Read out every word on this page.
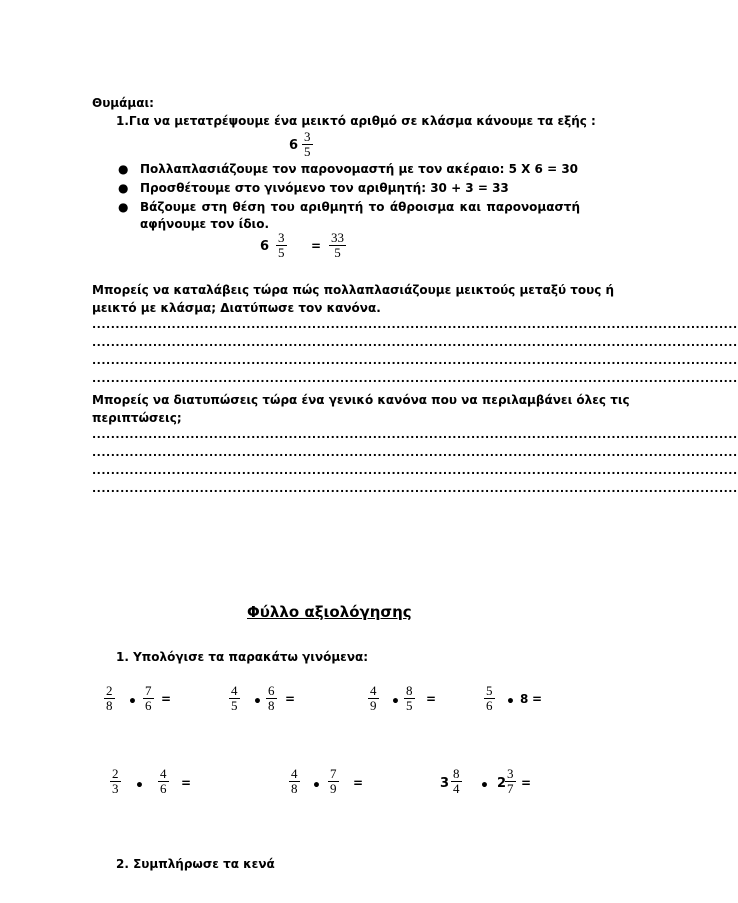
Θυμάμαι:
1.Για να μετατρέψουμε ένα μεικτό αριθμό σε κλάσμα κάνουμε τα εξής :
6
3
5
● Πολλαπλασιάζουμε τον παρονομαστή με τον ακέραιο: 5 Χ 6 = 30
● Προσθέτουμε στο γινόμενο τον αριθμητή: 30 + 3 = 33
● Βάζουμε στη θέση του αριθμητή το άθροισμα και παρονομαστή
αφήνουμε τον ίδιο.
6
3
5 =
33
5
Μπορείς να καταλάβεις τώρα πώς πολλαπλασιάζουμε μεικτούς μεταξύ τους ή
μεικτό με κλάσμα; Διατύπωσε τον κανόνα.
..........................................................................................................................................
..........................................................................................................................................
..........................................................................................................................................
..........................................................................................................................................
Μπορείς να διατυπώσεις τώρα ένα γενικό κανόνα που να περιλαμβάνει όλες τις
περιπτώσεις;
..........................................................................................................................................
..........................................................................................................................................
..........................................................................................................................................
..........................................................................................................................................
Φύλλο αξιολόγησης
1. Υπολόγισε τα παρακάτω γινόμενα:
2
8 •
7
6 =
4
5 •
6
8 =
4
9 •
8
5 =
5
6 • 8 =
2
3 •
4
6 =
4
8 •
7
9 =	3
8
4 • 2
3
7 =
2. Συμπλήρωσε τα κενά
